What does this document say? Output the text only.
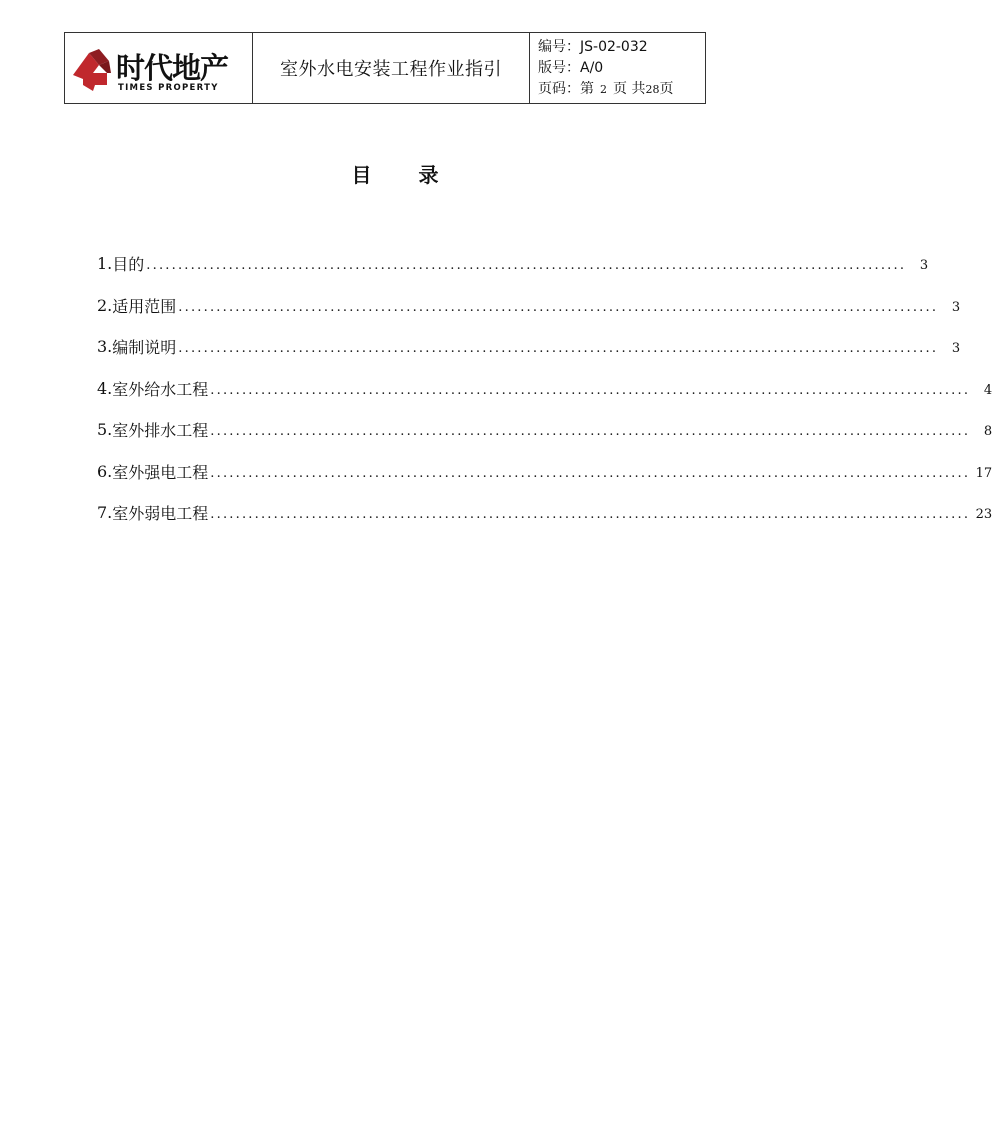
时代地产
TIMES PROPERTY
室外水电安装工程作业指引
编号：JS-02-032
版号：A/0
页码：第 2 页 共28页
目 录
1. 目的 ........................................................................................................................	3
2. 适用范围 ........................................................................................................................	3
3. 编制说明 ........................................................................................................................	3
4. 室外给水工程 ........................................................................................................................	4
5. 室外排水工程 ........................................................................................................................	8
6. 室外强电工程 ........................................................................................................................ 17
7. 室外弱电工程 ........................................................................................................................ 23
